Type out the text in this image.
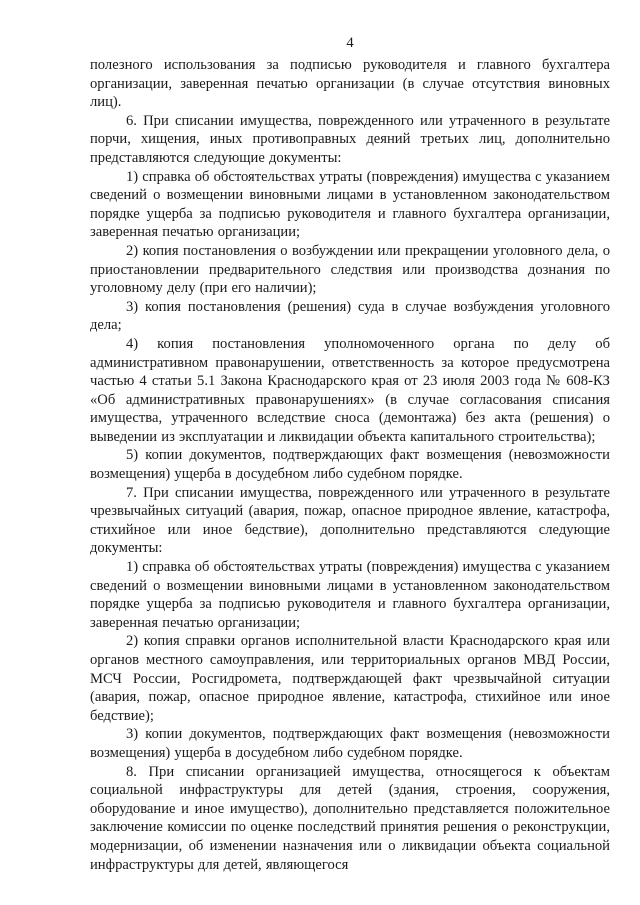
4

полезного использования за подписью руководителя и главного бухгалтера организации, заверенная печатью организации (в случае отсутствия виновных лиц).

6. При списании имущества, поврежденного или утраченного в результате порчи, хищения, иных противоправных деяний третьих лиц, дополнительно представляются следующие документы:

1) справка об обстоятельствах утраты (повреждения) имущества с указанием сведений о возмещении виновными лицами в установленном законодательством порядке ущерба за подписью руководителя и главного бухгалтера организации, заверенная печатью организации;

2) копия постановления о возбуждении или прекращении уголовного дела, о приостановлении предварительного следствия или производства дознания по уголовному делу (при его наличии);

3) копия постановления (решения) суда в случае возбуждения уголовного дела;

4) копия постановления уполномоченного органа по делу об административном правонарушении, ответственность за которое предусмотрена частью 4 статьи 5.1 Закона Краснодарского края от 23 июля 2003 года № 608-КЗ «Об административных правонарушениях» (в случае согласования списания имущества, утраченного вследствие сноса (демонтажа) без акта (решения) о выведении из эксплуатации и ликвидации объекта капитального строительства);

5) копии документов, подтверждающих факт возмещения (невозможности возмещения) ущерба в досудебном либо судебном порядке.

7. При списании имущества, поврежденного или утраченного в результате чрезвычайных ситуаций (авария, пожар, опасное природное явление, катастрофа, стихийное или иное бедствие), дополнительно представляются следующие документы:

1) справка об обстоятельствах утраты (повреждения) имущества с указанием сведений о возмещении виновными лицами в установленном законодательством порядке ущерба за подписью руководителя и главного бухгалтера организации, заверенная печатью организации;

2) копия справки органов исполнительной власти Краснодарского края или органов местного самоуправления, или территориальных органов МВД России, МСЧ России, Росгидромета, подтверждающей факт чрезвычайной ситуации (авария, пожар, опасное природное явление, катастрофа, стихийное или иное бедствие);

3) копии документов, подтверждающих факт возмещения (невозможности возмещения) ущерба в досудебном либо судебном порядке.

8. При списании организацией имущества, относящегося к объектам социальной инфраструктуры для детей (здания, строения, сооружения, оборудование и иное имущество), дополнительно представляется положительное заключение комиссии по оценке последствий принятия решения о реконструкции, модернизации, об изменении назначения или о ликвидации объекта социальной инфраструктуры для детей, являющегося
